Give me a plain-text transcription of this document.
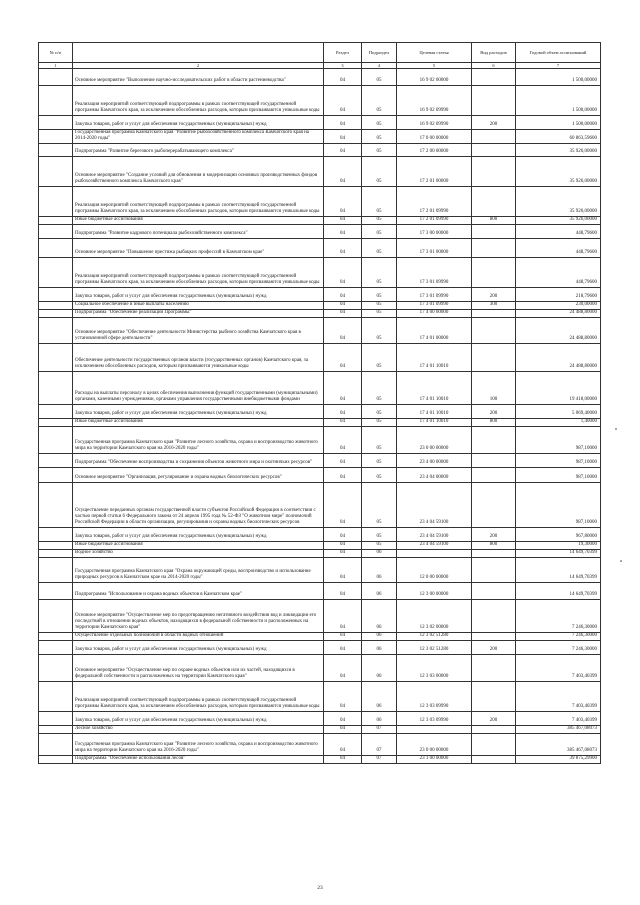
№ п/п		Раздел	Подраздел	Целевая статья	Вид расходов	Годовой объем ассигнований
1	2	3	4	5	6	7
	Основное мероприятие "Выполнение научно-исследовательских работ в области растениеводства"	04	05	16 9 02 00000		1 500,00000
	Реализация мероприятий соответствующей подпрограммы в рамках соответствующей государственной программы Камчатского края, за исключением обособленных расходов, которым присваиваются уникальные коды	04	05	16 9 02 09990		1 500,00000
	Закупка товаров, работ и услуг для обеспечения государственных (муниципальных) нужд	04	05	16 9 02 09990	200	1 500,00000
	Государственная программа Камчатского края "Развитие рыбохозяйственного комплекса Камчатского края на 2014-2020 годы"	04	05	17 0 00 00000		60 863,59600
	Подпрограмма "Развитие берегового рыбоперерабатывающего комплекса"	04	05	17 2 00 00000		35 926,00000
	Основное мероприятие "Создание условий для обновления и модернизации основных производственных фондов рыбохозяйственного комплекса Камчатского края"	04	05	17 2 01 00000		35 926,00000
	Реализация мероприятий соответствующей подпрограммы в рамках соответствующей государственной программы Камчатского края, за исключением обособленных расходов, которым присваиваются уникальные коды	04	05	17 2 01 09990		35 926,00000
	Иные бюджетные ассигнования	04	05	17 2 01 09990	800	35 926,00000
	Подпрограмма "Развитие кадрового потенциала рыбохозяйственного комплекса"	04	05	17 3 00 00000		448,79600
	Основное мероприятие "Повышение престижа рыбацких профессий в Камчатском крае"	04	05	17 3 01 00000		448,79600
	Реализация мероприятий соответствующей подпрограммы в рамках соответствующей государственной программы Камчатского края, за исключением обособленных расходов, которым присваиваются уникальные коды	04	05	17 3 01 09990		448,79600
	Закупка товаров, работ и услуг для обеспечения государственных (муниципальных) нужд	04	05	17 3 01 09990	200	218,79600
	Социальное обеспечение и иные выплаты населению	04	05	17 3 01 09990	300	230,00000
	Подпрограмма "Обеспечение реализации Программы"	04	05	17 4 00 00000		24 488,80000
	Основное мероприятие "Обеспечение деятельности Министерства рыбного хозяйства Камчатского края в установленной сфере деятельности"	04	05	17 4 01 00000		24 488,80000
	Обеспечение деятельности государственных органов власти (государственных органов) Камчатского края, за исключением обособленных расходов, которым присваиваются уникальные коды	04	05	17 4 01 10010		24 488,80000
	Расходы на выплаты персоналу в целях обеспечения выполнения функций государственными (муниципальными) органами, казенными учреждениями, органами управления государственными внебюджетными фондами	04	05	17 4 01 10010	100	19 418,00000
	Закупка товаров, работ и услуг для обеспечения государственных (муниципальных) нужд	04	05	17 4 01 10010	200	5 069,40000
	Иные бюджетные ассигнования	04	05	17 4 01 10010	800	1,40000
	Государственная программа Камчатского края "Развитие лесного хозяйства, охрана и воспроизводство животного мира на территории Камчатского края на 2016-2020 годы"	04	05	23 0 00 00000		987,10000
	Подпрограмма "Обеспечение воспроизводства и сохранения объектов животного мира и охотничьих ресурсов"	04	05	23 4 00 00000		987,10000
	Основное мероприятие "Организация, регулирование и охрана водных биологических ресурсов"	04	05	23 4 04 00000		987,10000
	Осуществление переданных органам государственной власти субъектов Российской Федерации в соответствии с частью первой статьи 6 Федерального закона от 24 апреля 1995 года № 52-ФЗ "О животном мире" полномочий Российской Федерации в области организации, регулирования и охраны водных биологических ресурсов	04	05	23 4 04 59100		987,10000
	Закупка товаров, работ и услуг для обеспечения государственных (муниципальных) нужд	04	05	23 4 04 59100	200	967,80000
	Иные бюджетные ассигнования	04	05	23 4 04 59100	800	19,30000
	Водное хозяйство	04	06			14 649,70399
	Государственная программа Камчатского края "Охрана окружающей среды, воспроизводство и использование природных ресурсов в Камчатском крае на 2014-2020 годы"	04	06	12 0 00 00000		14 649,70399
	Подпрограмма "Использование и охрана водных объектов в Камчатском крае"	04	06	12 3 00 00000		14 649,70399
	Основное мероприятие "Осуществление мер по предотвращению негативного воздействия вод и ликвидации его последствий в отношении водных объектов, находящихся в федеральной собственности и расположенных на территории Камчатского края"	04	06	12 3 02 00000		7 246,30000
	Осуществление отдельных полномочий в области водных отношений	04	06	12 3 02 51280		7 246,30000
	Закупка товаров, работ и услуг для обеспечения государственных (муниципальных) нужд	04	06	12 3 02 51280	200	7 246,30000
	Основное мероприятие "Осуществление мер по охране водных объектов или их частей, находящихся в федеральной собственности и расположенных на территории Камчатского края"	04	06	12 3 03 00000		7 403,40399
	Реализация мероприятий соответствующей подпрограммы в рамках соответствующей государственной программы Камчатского края, за исключением обособленных расходов, которым присваиваются уникальные коды	04	06	12 3 03 09990		7 403,40399
	Закупка товаров, работ и услуг для обеспечения государственных (муниципальных) нужд	04	06	12 3 03 09990	200	7 403,40399
	Лесное хозяйство	04	07			385 467,08073
	Государственная программа Камчатского края "Развитие лесного хозяйства, охрана и воспроизводство животного мира на территории Камчатского края на 2016-2020 годы"	04	07	23 0 00 00000		385 467,08073
	Подпрограмма "Обеспечение использования лесов"	04	07	23 1 00 00000		39 875,29900
23
